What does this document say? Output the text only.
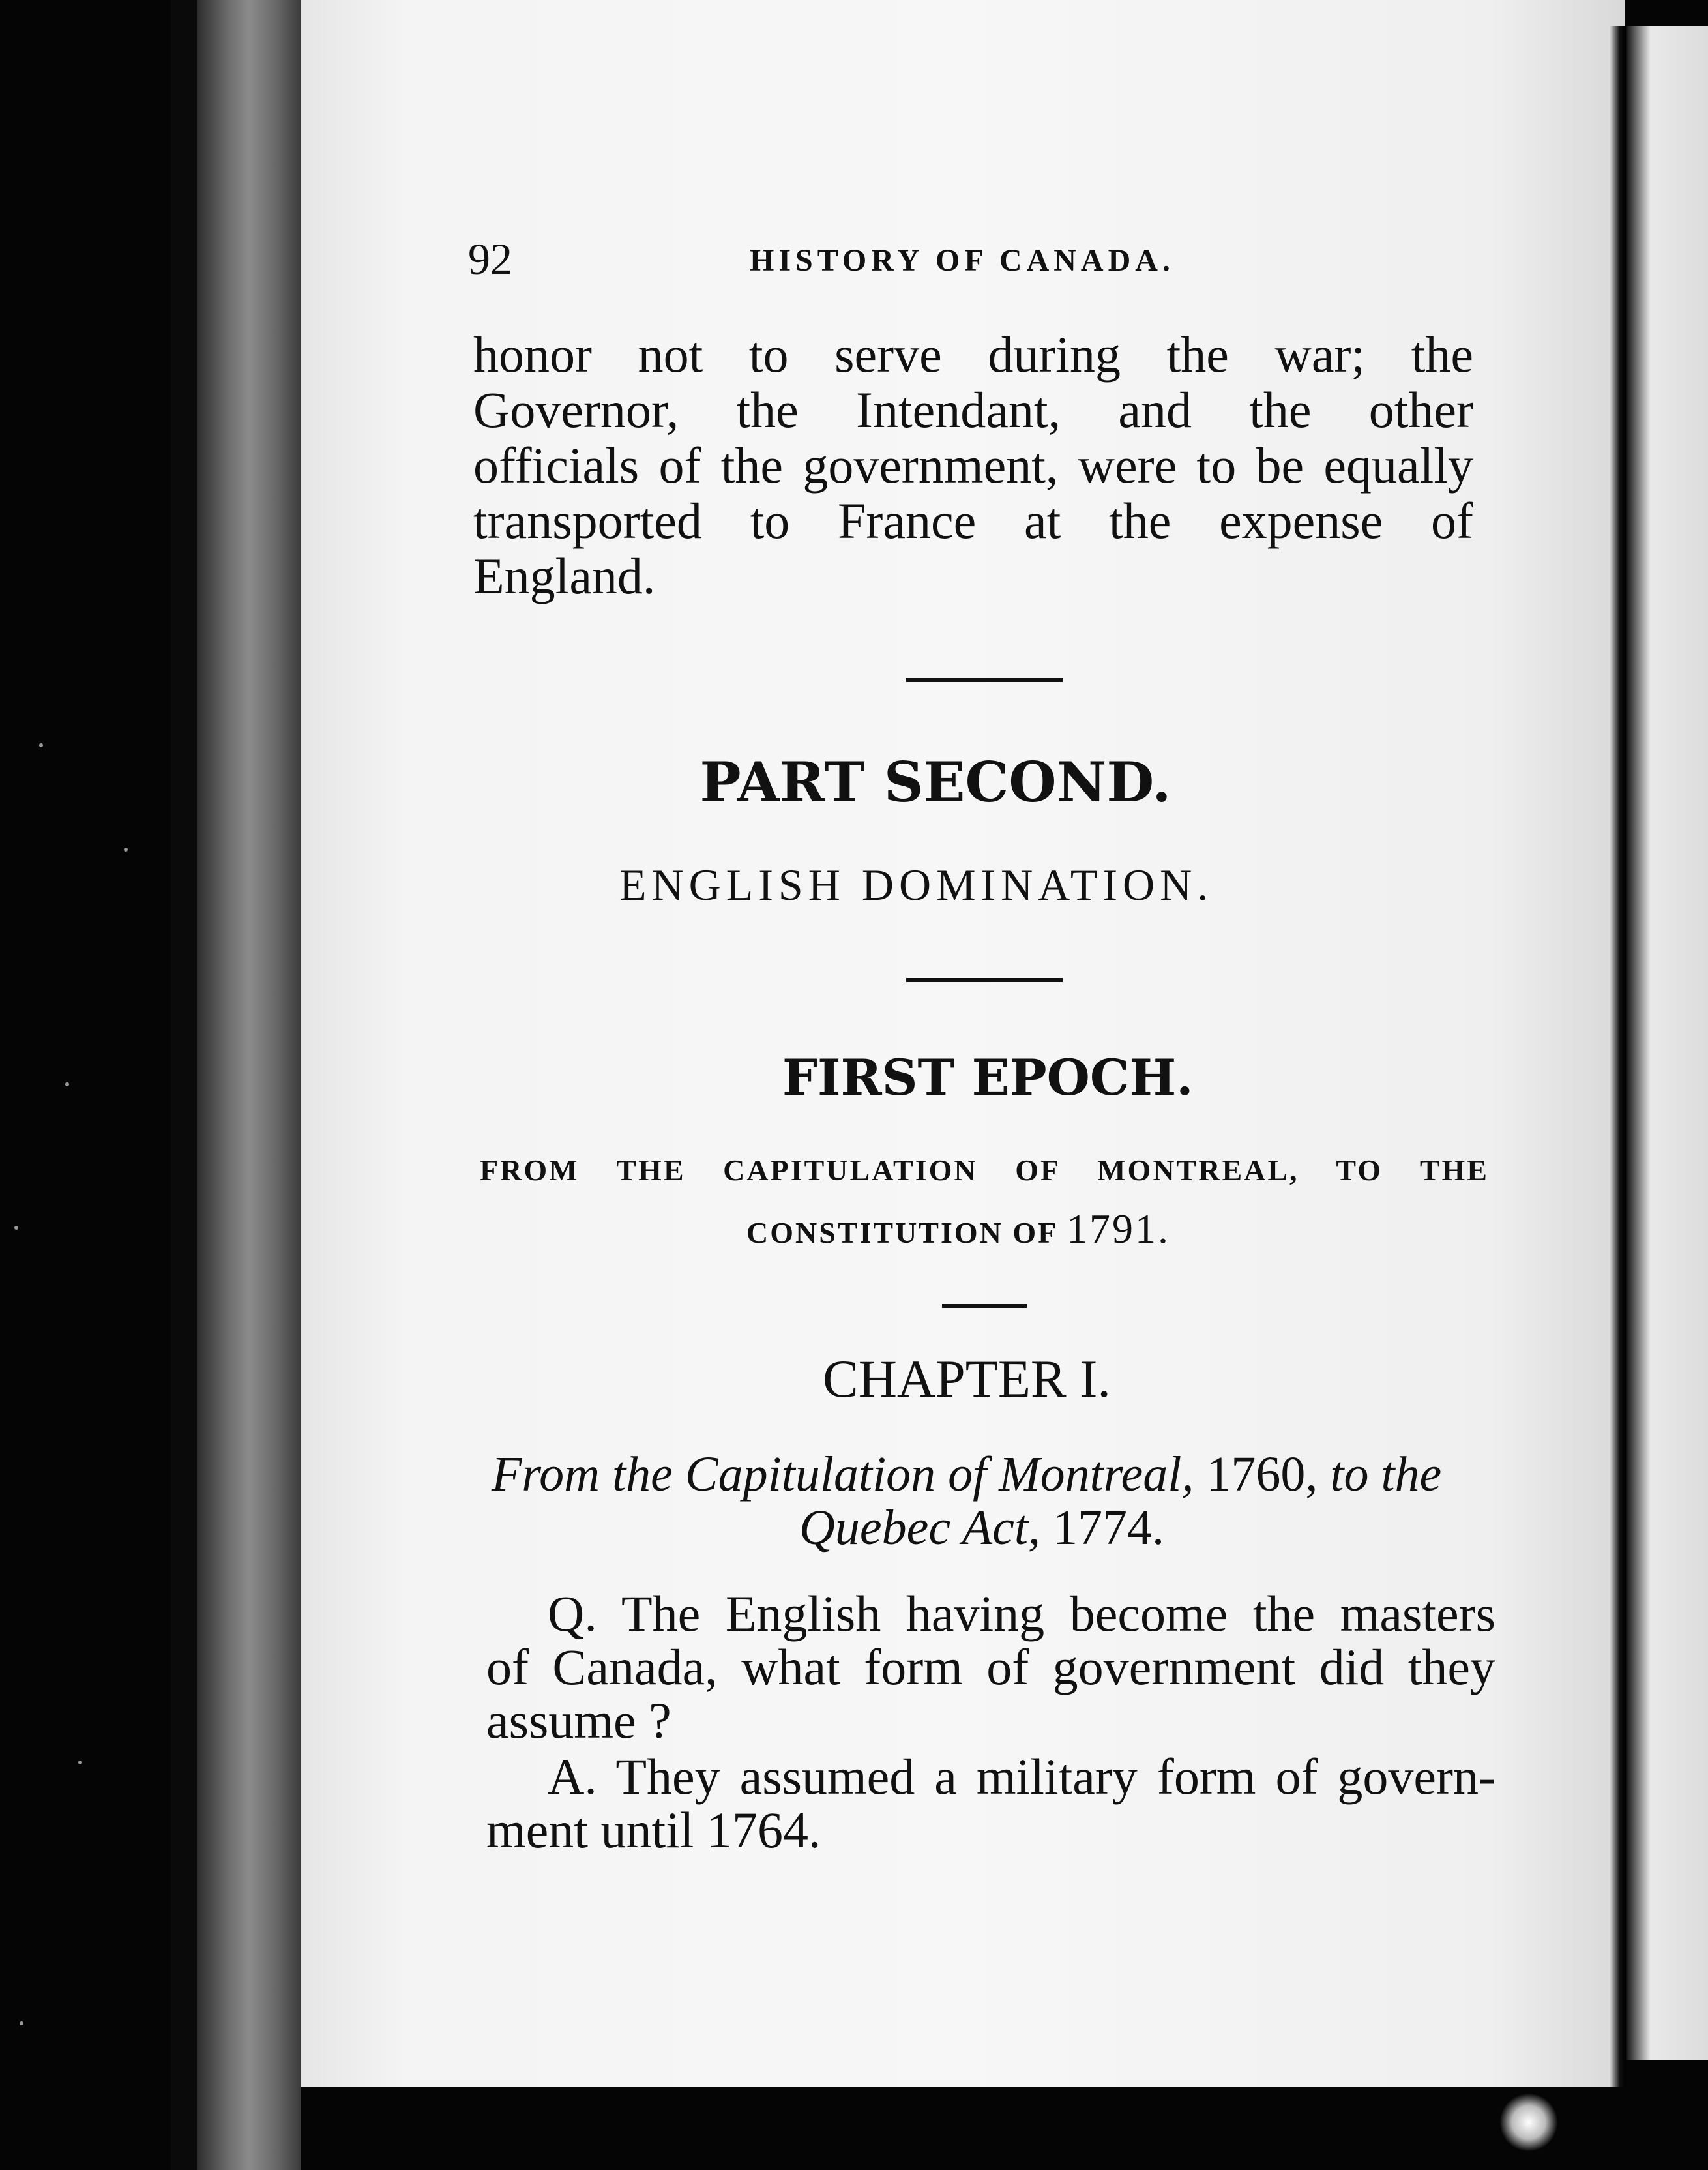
92	HISTORY OF CANADA.
honor not to serve during the war; the
Governor, the Intendant, and the other
officials of the government, were to be equally
transported to France at the expense of
England.
PART SECOND.
ENGLISH DOMINATION.
FIRST EPOCH.
FROM THE CAPITULATION OF MONTREAL, TO THE
CONSTITUTION OF 1791.
CHAPTER I.
From the Capitulation of Montreal, 1760, to the
Quebec Act, 1774.
Q. The English having become the masters
of Canada, what form of government did they
assume ?
A. They assumed a military form of govern-
ment until 1764.
